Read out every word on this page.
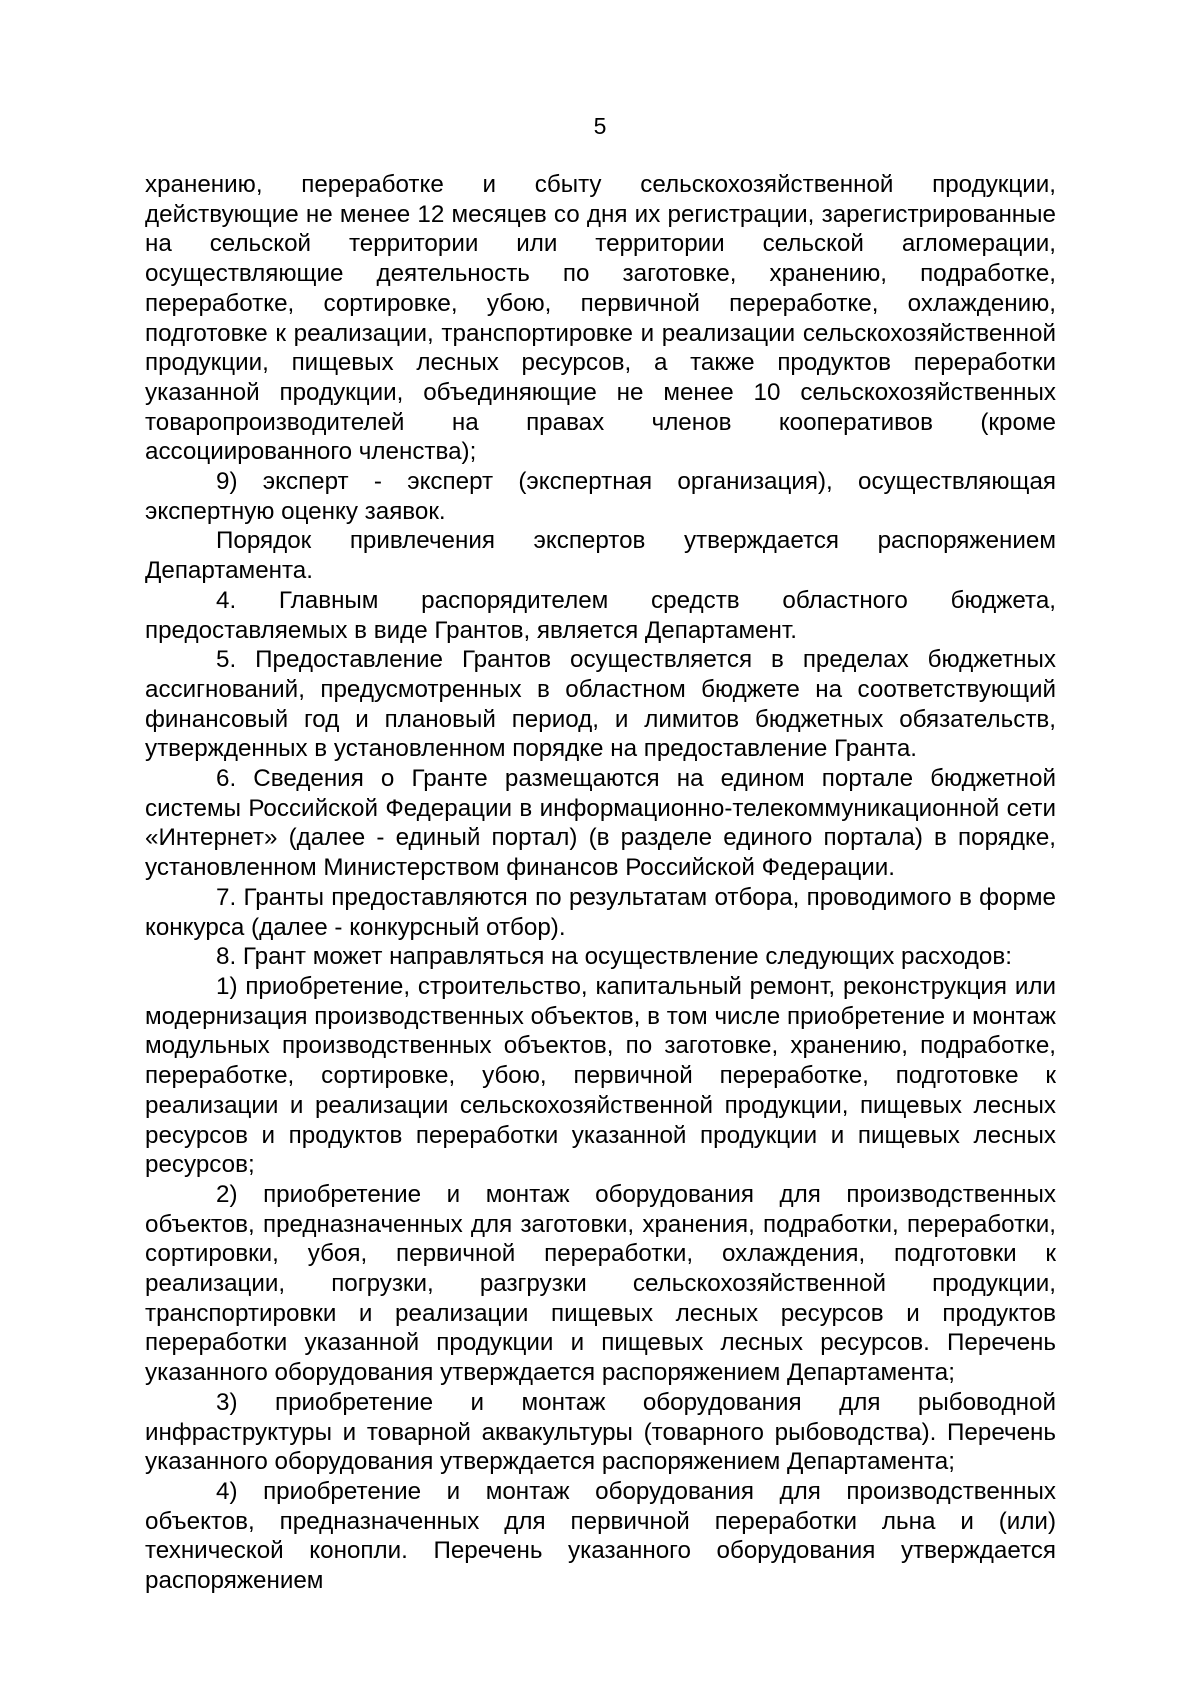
5

хранению, переработке и сбыту сельскохозяйственной продукции, действующие не менее 12 месяцев со дня их регистрации, зарегистрированные на сельской территории или территории сельской агломерации, осуществляющие деятельность по заготовке, хранению, подработке, переработке, сортировке, убою, первичной переработке, охлаждению, подготовке к реализации, транспортировке и реализации сельскохозяйственной продукции, пищевых лесных ресурсов, а также продуктов переработки указанной продукции, объединяющие не менее 10 сельскохозяйственных товаропроизводителей на правах членов кооперативов (кроме ассоциированного членства);

9) эксперт - эксперт (экспертная организация), осуществляющая экспертную оценку заявок.

Порядок привлечения экспертов утверждается распоряжением Департамента.

4. Главным распорядителем средств областного бюджета, предоставляемых в виде Грантов, является Департамент.

5. Предоставление Грантов осуществляется в пределах бюджетных ассигнований, предусмотренных в областном бюджете на соответствующий финансовый год и плановый период, и лимитов бюджетных обязательств, утвержденных в установленном порядке на предоставление Гранта.

6. Сведения о Гранте размещаются на едином портале бюджетной системы Российской Федерации в информационно-телекоммуникационной сети «Интернет» (далее - единый портал) (в разделе единого портала) в порядке, установленном Министерством финансов Российской Федерации.

7. Гранты предоставляются по результатам отбора, проводимого в форме конкурса (далее - конкурсный отбор).

8. Грант может направляться на осуществление следующих расходов:

1) приобретение, строительство, капитальный ремонт, реконструкция или модернизация производственных объектов, в том числе приобретение и монтаж модульных производственных объектов, по заготовке, хранению, подработке, переработке, сортировке, убою, первичной переработке, подготовке к реализации и реализации сельскохозяйственной продукции, пищевых лесных ресурсов и продуктов переработки указанной продукции и пищевых лесных ресурсов;

2) приобретение и монтаж оборудования для производственных объектов, предназначенных для заготовки, хранения, подработки, переработки, сортировки, убоя, первичной переработки, охлаждения, подготовки к реализации, погрузки, разгрузки сельскохозяйственной продукции, транспортировки и реализации пищевых лесных ресурсов и продуктов переработки указанной продукции и пищевых лесных ресурсов. Перечень указанного оборудования утверждается распоряжением Департамента;

3) приобретение и монтаж оборудования для рыбоводной инфраструктуры и товарной аквакультуры (товарного рыбоводства). Перечень указанного оборудования утверждается распоряжением Департамента;

4) приобретение и монтаж оборудования для производственных объектов, предназначенных для первичной переработки льна и (или) технической конопли. Перечень указанного оборудования утверждается распоряжением
